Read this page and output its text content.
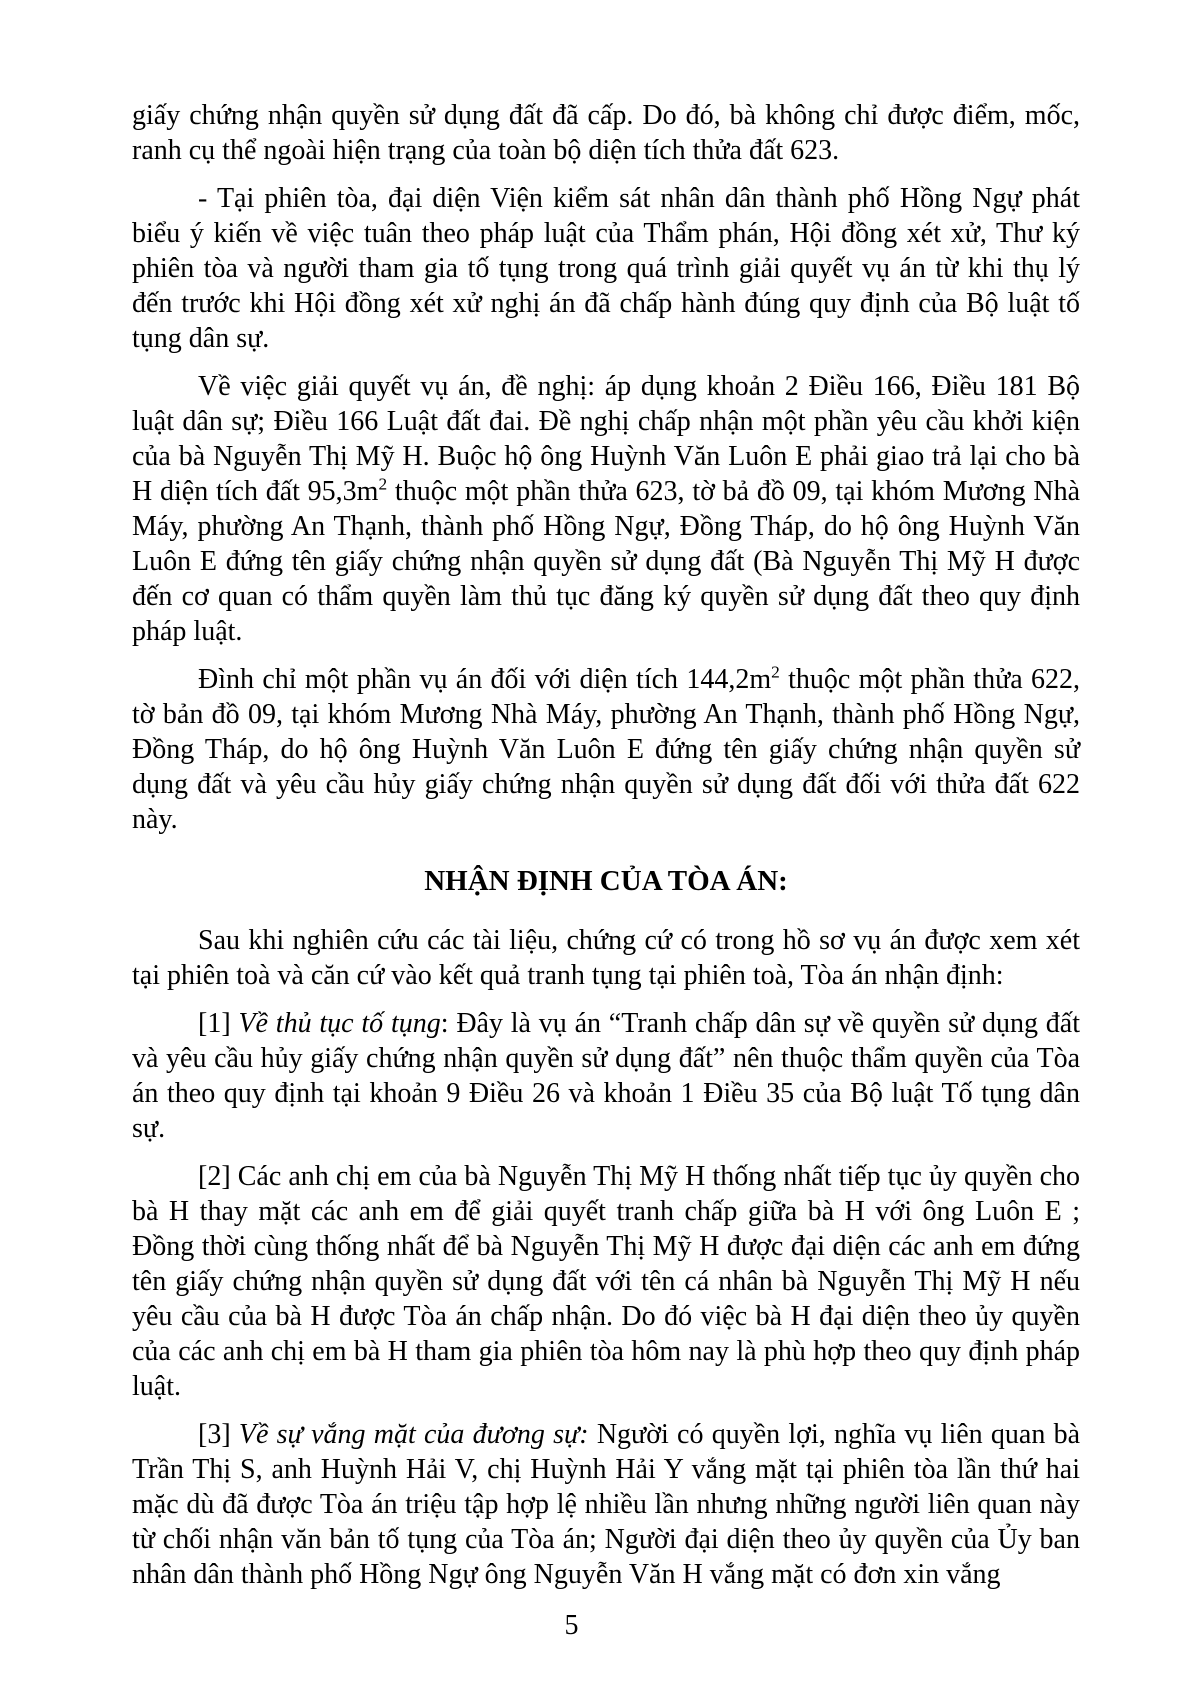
giấy chứng nhận quyền sử dụng đất đã cấp. Do đó, bà không chỉ được điểm, mốc, ranh cụ thể ngoài hiện trạng của toàn bộ diện tích thửa đất 623.

- Tại phiên tòa, đại diện Viện kiểm sát nhân dân thành phố Hồng Ngự phát biểu ý kiến về việc tuân theo pháp luật của Thẩm phán, Hội đồng xét xử, Thư ký phiên tòa và người tham gia tố tụng trong quá trình giải quyết vụ án từ khi thụ lý đến trước khi Hội đồng xét xử nghị án đã chấp hành đúng quy định của Bộ luật tố tụng dân sự.

Về việc giải quyết vụ án, đề nghị: áp dụng khoản 2 Điều 166, Điều 181 Bộ luật dân sự; Điều 166 Luật đất đai. Đề nghị chấp nhận một phần yêu cầu khởi kiện của bà Nguyễn Thị Mỹ H. Buộc hộ ông Huỳnh Văn Luôn E phải giao trả lại cho bà H diện tích đất $95,3m^2$ thuộc một phần thửa 623, tờ bả đồ 09, tại khóm Mương Nhà Máy, phường An Thạnh, thành phố Hồng Ngự, Đồng Tháp, do hộ ông Huỳnh Văn Luôn E đứng tên giấy chứng nhận quyền sử dụng đất (Bà Nguyễn Thị Mỹ H được đến cơ quan có thẩm quyền làm thủ tục đăng ký quyền sử dụng đất theo quy định pháp luật.

Đình chỉ một phần vụ án đối với diện tích $144,2m^2$ thuộc một phần thửa 622, tờ bản đồ 09, tại khóm Mương Nhà Máy, phường An Thạnh, thành phố Hồng Ngự, Đồng Tháp, do hộ ông Huỳnh Văn Luôn E đứng tên giấy chứng nhận quyền sử dụng đất và yêu cầu hủy giấy chứng nhận quyền sử dụng đất đối với thửa đất 622 này.

NHẬN ĐỊNH CỦA TÒA ÁN:

Sau khi nghiên cứu các tài liệu, chứng cứ có trong hồ sơ vụ án được xem xét tại phiên toà và căn cứ vào kết quả tranh tụng tại phiên toà, Tòa án nhận định:

[1] Về thủ tục tố tụng: Đây là vụ án “Tranh chấp dân sự về quyền sử dụng đất và yêu cầu hủy giấy chứng nhận quyền sử dụng đất” nên thuộc thẩm quyền của Tòa án theo quy định tại khoản 9 Điều 26 và khoản 1 Điều 35 của Bộ luật Tố tụng dân sự.

[2] Các anh chị em của bà Nguyễn Thị Mỹ H thống nhất tiếp tục ủy quyền cho bà H thay mặt các anh em để giải quyết tranh chấp giữa bà H với ông Luôn E ; Đồng thời cùng thống nhất để bà Nguyễn Thị Mỹ H được đại diện các anh em đứng tên giấy chứng nhận quyền sử dụng đất với tên cá nhân bà Nguyễn Thị Mỹ H nếu yêu cầu của bà H được Tòa án chấp nhận. Do đó việc bà H đại diện theo ủy quyền của các anh chị em bà H tham gia phiên tòa hôm nay là phù hợp theo quy định pháp luật.

[3] Về sự vắng mặt của đương sự: Người có quyền lợi, nghĩa vụ liên quan bà Trần Thị S, anh Huỳnh Hải V, chị Huỳnh Hải Y vắng mặt tại phiên tòa lần thứ hai mặc dù đã được Tòa án triệu tập hợp lệ nhiều lần nhưng những người liên quan này từ chối nhận văn bản tố tụng của Tòa án; Người đại diện theo ủy quyền của Ủy ban nhân dân thành phố Hồng Ngự ông Nguyễn Văn H vắng mặt có đơn xin vắng

5
